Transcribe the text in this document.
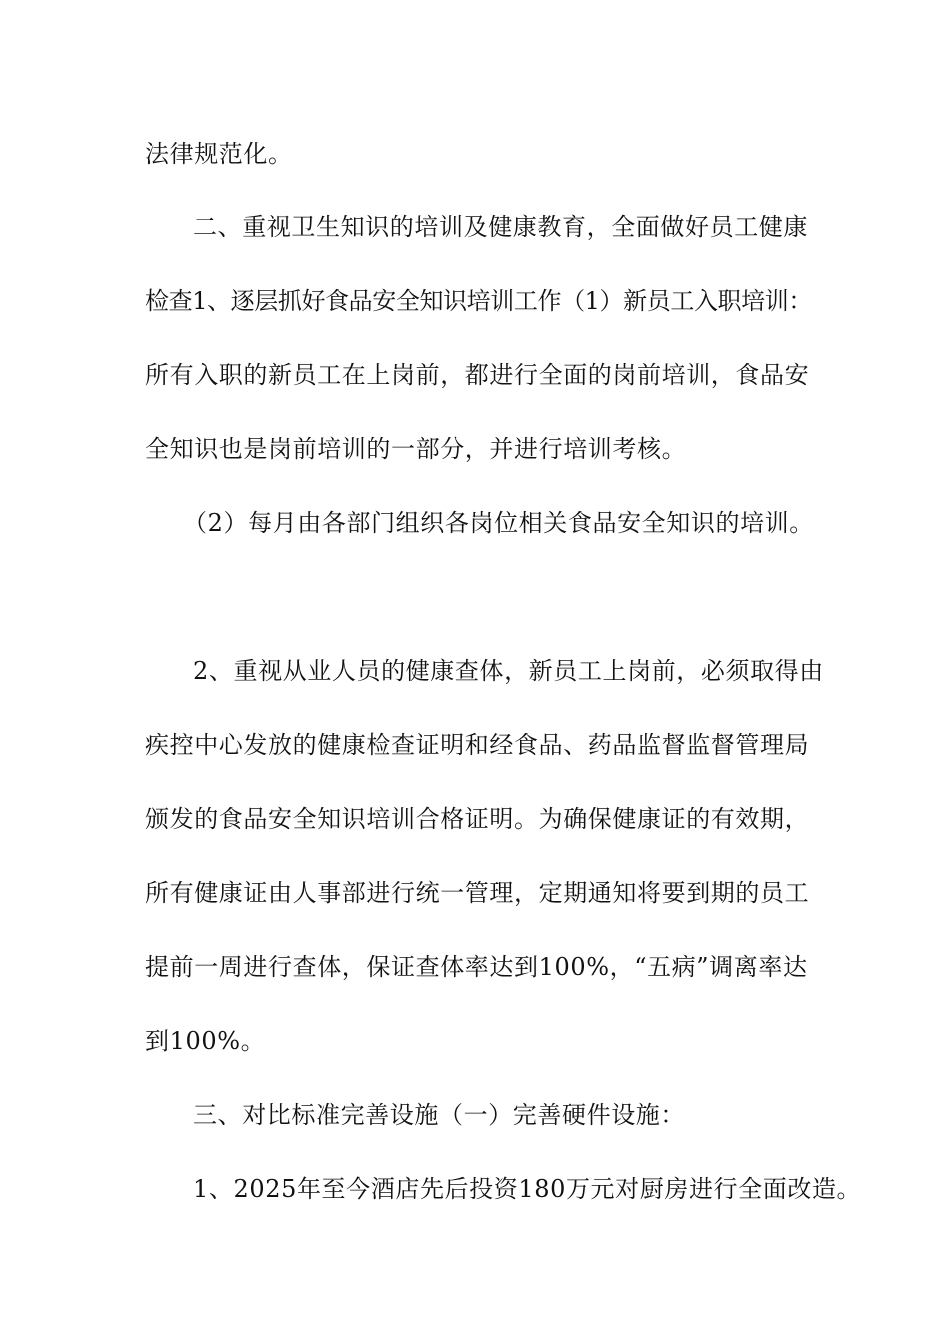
法律规范化。
二、重视卫生知识的培训及健康教育，全面做好员工健康
检查1、逐层抓好食品安全知识培训工作（1）新员工入职培训：
所有入职的新员工在上岗前，都进行全面的岗前培训，食品安
全知识也是岗前培训的一部分，并进行培训考核。
（2）每月由各部门组织各岗位相关食品安全知识的培训。
2、重视从业人员的健康查体，新员工上岗前，必须取得由
疾控中心发放的健康检查证明和经食品、药品监督监督管理局
颁发的食品安全知识培训合格证明。为确保健康证的有效期，
所有健康证由人事部进行统一管理，定期通知将要到期的员工
提前一周进行查体，保证查体率达到100%，“五病”调离率达
到100%。
三、对比标准完善设施（一）完善硬件设施：
1、2025年至今酒店先后投资180万元对厨房进行全面改造。
